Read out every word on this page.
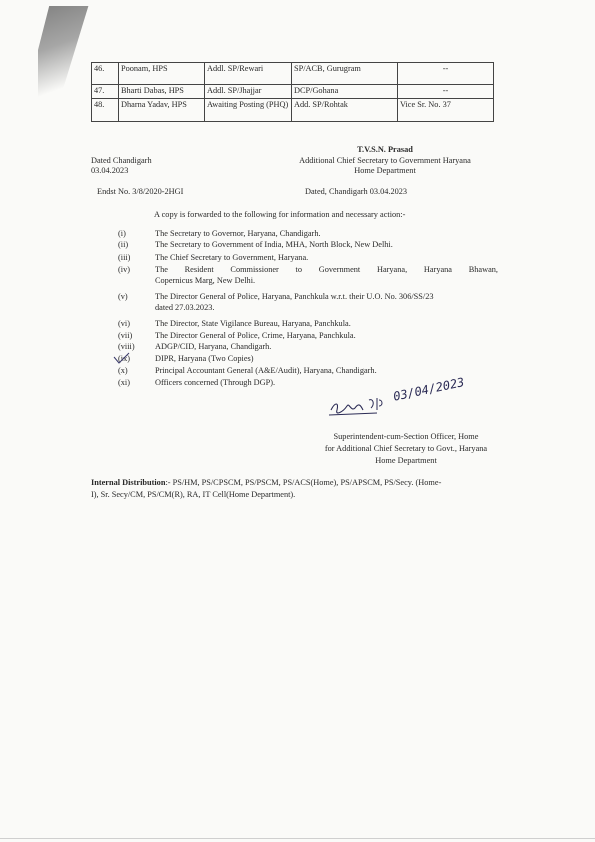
46.	Poonam, HPS	Addl. SP/Rewari	SP/ACB, Gurugram	--
47.	Bharti Dabas, HPS	Addl. SP/Jhajjar	DCP/Gohana	--
48.	Dharna Yadav, HPS	Awaiting Posting (PHQ)	Add. SP/Rohtak	Vice Sr. No. 37
T.V.S.N. Prasad
Additional Chief Secretary to Government Haryana
Home Department
Dated Chandigarh
03.04.2023
Endst No. 3/8/2020-2HGI	Dated, Chandigarh 03.04.2023
A copy is forwarded to the following for information and necessary action:-
(i)	The Secretary to Governor, Haryana, Chandigarh.
(ii)	The Secretary to Government of India, MHA, North Block, New Delhi.
(iii)	The Chief Secretary to Government, Haryana.
(iv)	The Resident Commissioner to Government Haryana, Haryana Bhawan,
Copernicus Marg, New Delhi.
(v)	The Director General of Police, Haryana, Panchkula w.r.t. their U.O. No. 306/SS/23
dated 27.03.2023.
(vi)	The Director, State Vigilance Bureau, Haryana, Panchkula.
(vii)	The Director General of Police, Crime, Haryana, Panchkula.
(viii)	ADGP/CID, Haryana, Chandigarh.
(ix)	DIPR, Haryana (Two Copies)
(x)	Principal Accountant General (A&E/Audit), Haryana, Chandigarh.
(xi)	Officers concerned (Through DGP).	03/04/2023
Superintendent-cum-Section Officer, Home
for Additional Chief Secretary to Govt., Haryana
Home Department
Internal Distribution:- PS/HM, PS/CPSCM, PS/PSCM, PS/ACS(Home), PS/APSCM, PS/Secy. (Home-
I), Sr. Secy/CM, PS/CM(R), RA, IT Cell(Home Department).
